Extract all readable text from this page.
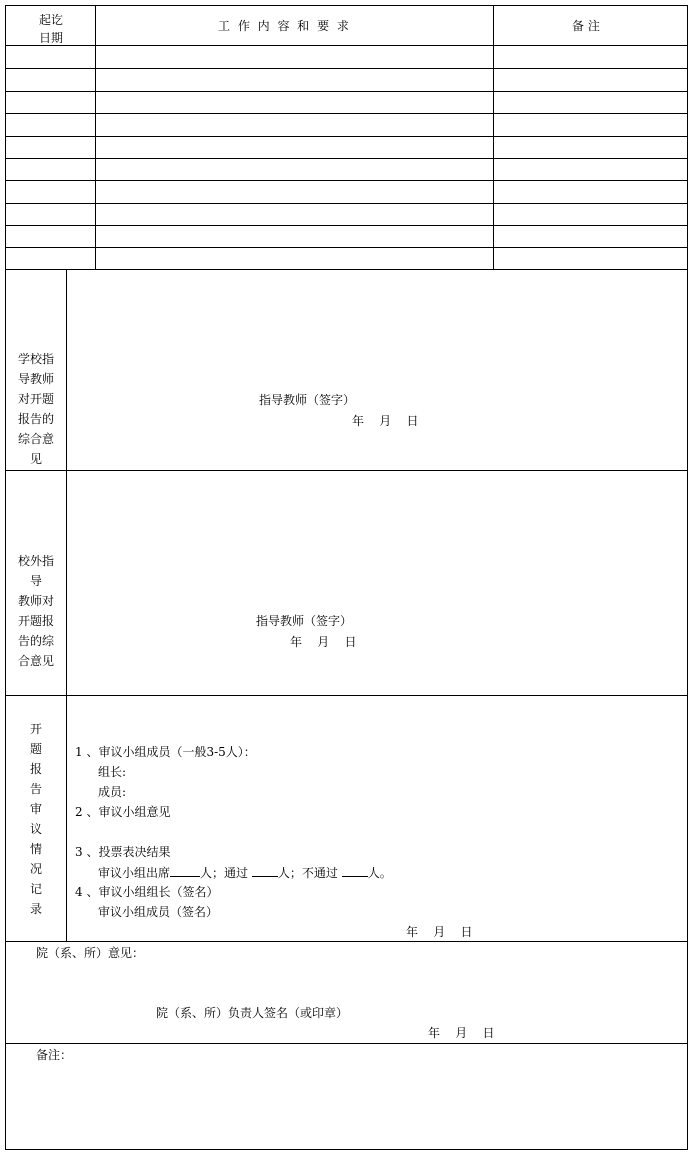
起讫
日期
工 作 内 容 和 要 求	备 注
学校指
导教师
对开题
报告的
综合意
见
指导教师（签字）
年    月    日
校外指
导
教师对
开题报
告的综
合意见
指导教师（签字）
年    月    日
开
题
报
告
审
议
情
况
记
录
1 、审议小组成员（一般3-5人）：
组长:
成员:
2 、审议小组意见
3 、投票表决结果
审议小组出席	人；通过 人；不通过 人。
4 、审议小组组长（签名）
审议小组成员（签名）
年    月    日
院（系、所）意见：
院（系、所）负责人签名（或印章）
年    月    日
备注：
